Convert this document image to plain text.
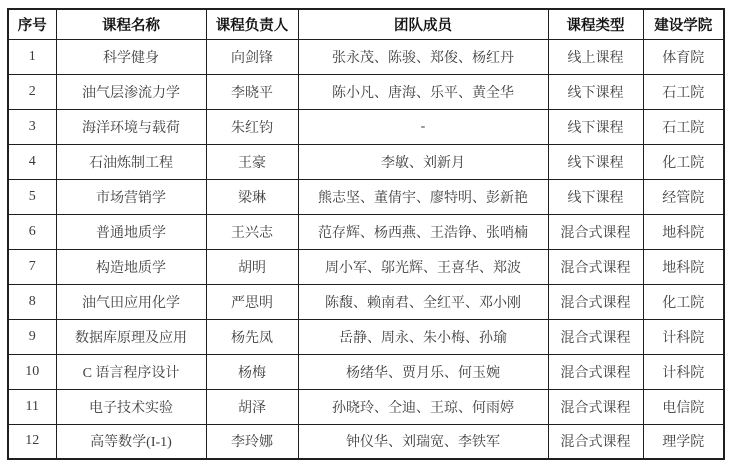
序号	课程名称	课程负责人	团队成员	课程类型	建设学院
1	科学健身	向剑锋	张永茂、陈骏、郑俊、杨红丹	线上课程	体育院
2	油气层渗流力学	李晓平	陈小凡、唐海、乐平、黄全华	线下课程	石工院
3	海洋环境与载荷	朱红钧	-	线下课程	石工院
4	石油炼制工程	王豪	李敏、刘新月	线下课程	化工院
5	市场营销学	梁琳	熊志坚、董倩宇、廖特明、彭新艳	线下课程	经管院
6	普通地质学	王兴志	范存辉、杨西燕、王浩铮、张哨楠	混合式课程	地科院
7	构造地质学	胡明	周小军、邬光辉、王喜华、郑波	混合式课程	地科院
8	油气田应用化学	严思明	陈馥、赖南君、全红平、邓小刚	混合式课程	化工院
9	数据库原理及应用	杨先凤	岳静、周永、朱小梅、孙瑜	混合式课程	计科院
10	C 语言程序设计	杨梅	杨绪华、贾月乐、何玉婉	混合式课程	计科院
11	电子技术实验	胡泽	孙晓玲、仝迪、王琼、何雨婷	混合式课程	电信院
12	高等数学(I-1)	李玲娜	钟仪华、刘瑞宽、李铁军	混合式课程	理学院
